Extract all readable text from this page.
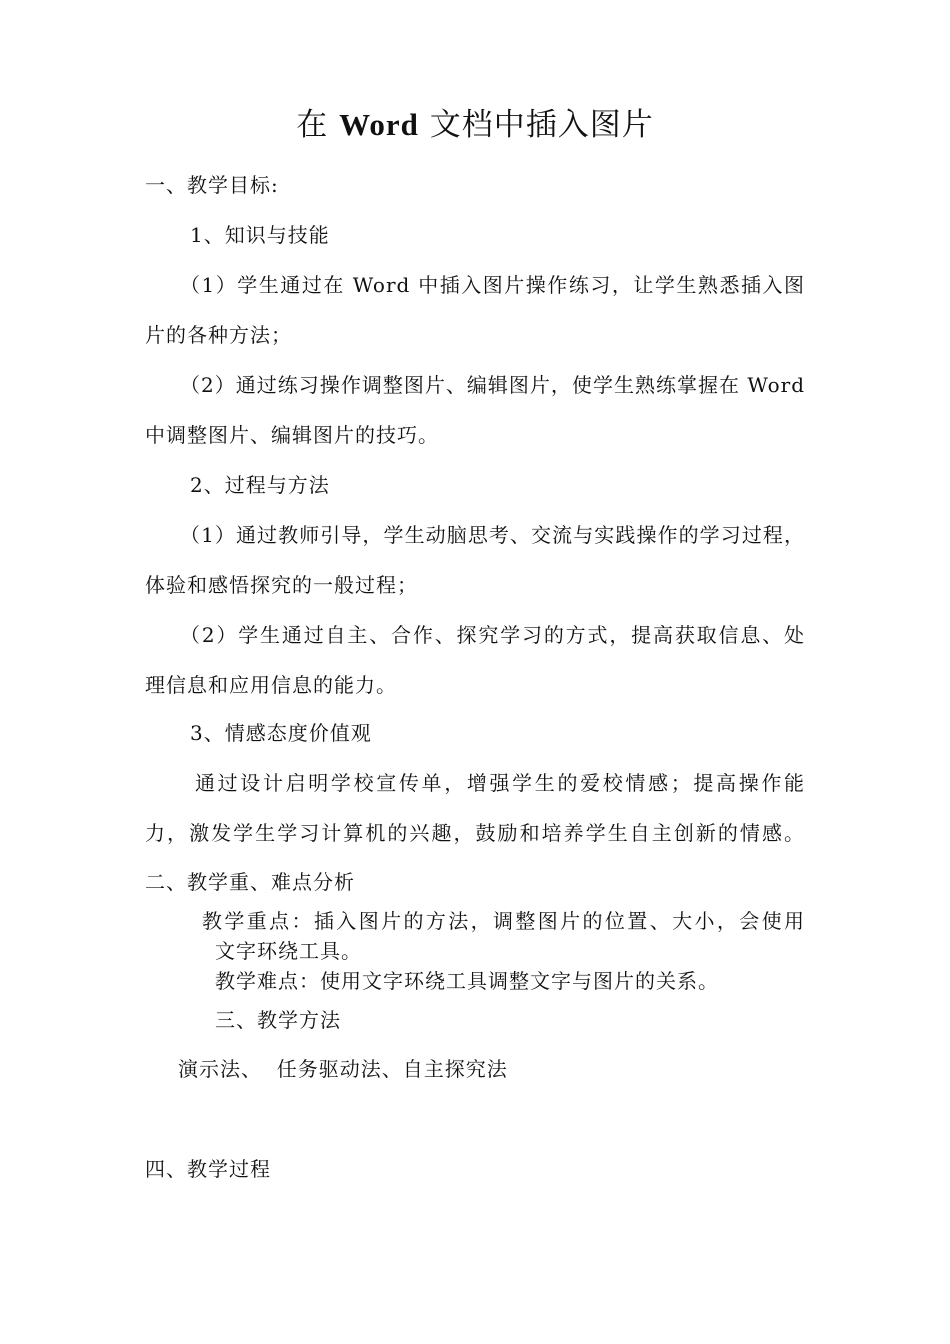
在 Word 文档中插入图片
一、教学目标:
1、知识与技能
（1）学生通过在 Word 中插入图片操作练习，让学生熟悉插入图
片的各种方法；
（2）通过练习操作调整图片、编辑图片，使学生熟练掌握在 Word
中调整图片、编辑图片的技巧。
2、过程与方法
（1）通过教师引导，学生动脑思考、交流与实践操作的学习过程，
体验和感悟探究的一般过程；
（2）学生通过自主、合作、探究学习的方式，提高获取信息、处
理信息和应用信息的能力。
3、情感态度价值观
通过设计启明学校宣传单，增强学生的爱校情感；提高操作能
力，激发学生学习计算机的兴趣，鼓励和培养学生自主创新的情感。
二、教学重、难点分析
教学重点：插入图片的方法，调整图片的位置、大小，会使用
文字环绕工具。
教学难点：使用文字环绕工具调整文字与图片的关系。
三、教学方法
演示法、  任务驱动法、自主探究法
四、教学过程
